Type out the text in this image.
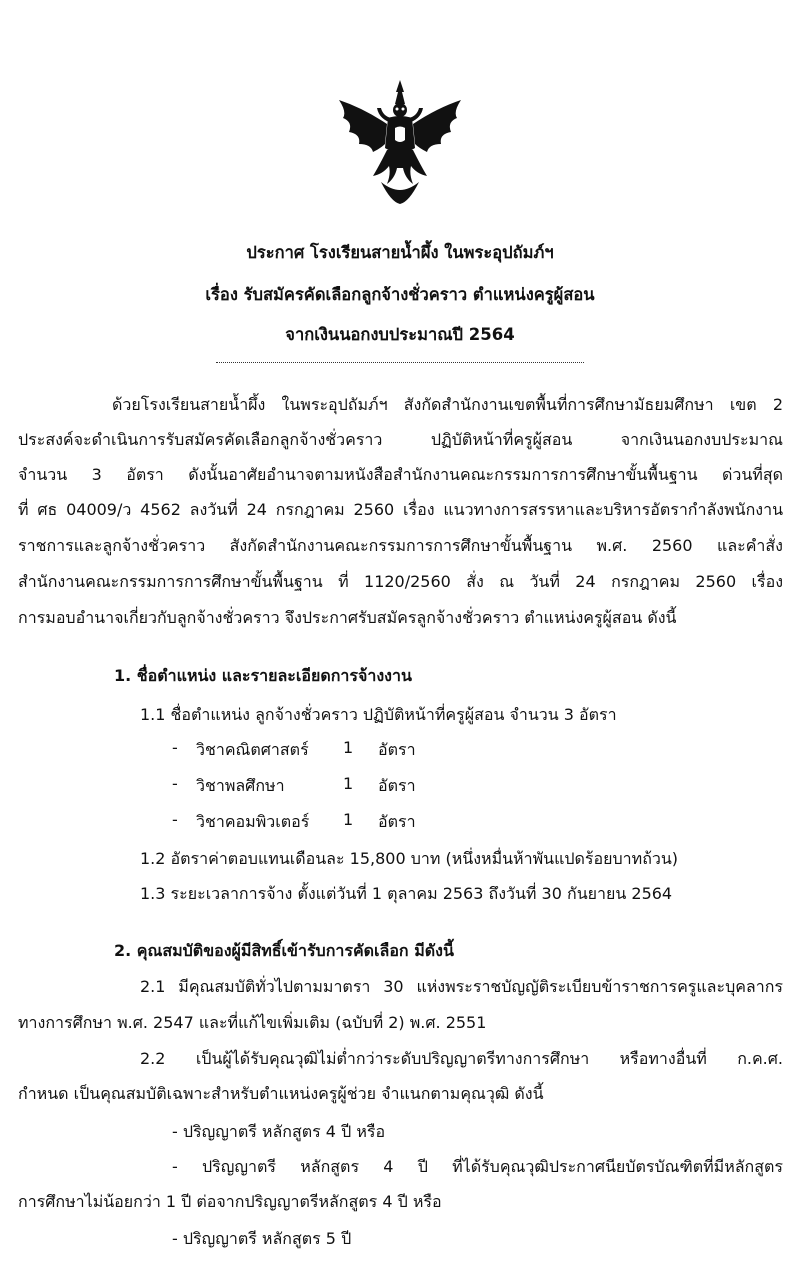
ประกาศ โรงเรียนสายน้ำผึ้ง ในพระอุปถัมภ์ฯ
เรื่อง รับสมัครคัดเลือกลูกจ้างชั่วคราว ตำแหน่งครูผู้สอน
จากเงินนอกงบประมาณปี 2564
ด้วยโรงเรียนสายน้ำผึ้ง ในพระอุปถัมภ์ฯ สังกัดสำนักงานเขตพื้นที่การศึกษามัธยมศึกษา เขต 2
ประสงค์จะดำเนินการรับสมัครคัดเลือกลูกจ้างชั่วคราว ปฏิบัติหน้าที่ครูผู้สอน จากเงินนอกงบประมาณ
จำนวน 3 อัตรา ดังนั้นอาศัยอำนาจตามหนังสือสำนักงานคณะกรรมการการศึกษาขั้นพื้นฐาน ด่วนที่สุด
ที่ ศธ 04009/ว 4562 ลงวันที่ 24 กรกฎาคม 2560 เรื่อง แนวทางการสรรหาและบริหารอัตรากำลังพนักงาน
ราชการและลูกจ้างชั่วคราว สังกัดสำนักงานคณะกรรมการการศึกษาขั้นพื้นฐาน พ.ศ. 2560 และคำสั่ง
สำนักงานคณะกรรมการการศึกษาขั้นพื้นฐาน ที่ 1120/2560 สั่ง ณ วันที่ 24 กรกฎาคม 2560 เรื่อง
การมอบอำนาจเกี่ยวกับลูกจ้างชั่วคราว จึงประกาศรับสมัครลูกจ้างชั่วคราว ตำแหน่งครูผู้สอน ดังนี้
1. ชื่อตำแหน่ง และรายละเอียดการจ้างงาน
1.1 ชื่อตำแหน่ง ลูกจ้างชั่วคราว ปฏิบัติหน้าที่ครูผู้สอน จำนวน 3 อัตรา
- วิชาคณิตศาสตร์ 1 อัตรา
- วิชาพลศึกษา	1 อัตรา
- วิชาคอมพิวเตอร์ 1 อัตรา
1.2 อัตราค่าตอบแทนเดือนละ 15,800 บาท (หนึ่งหมื่นห้าพันแปดร้อยบาทถ้วน)
1.3 ระยะเวลาการจ้าง ตั้งแต่วันที่ 1 ตุลาคม 2563 ถึงวันที่ 30 กันยายน 2564
2. คุณสมบัติของผู้มีสิทธิ์เข้ารับการคัดเลือก มีดังนี้
2.1 มีคุณสมบัติทั่วไปตามมาตรา 30 แห่งพระราชบัญญัติระเบียบข้าราชการครูและบุคลากร
ทางการศึกษา พ.ศ. 2547 และที่แก้ไขเพิ่มเติม (ฉบับที่ 2) พ.ศ. 2551
2.2 เป็นผู้ได้รับคุณวุฒิไม่ต่ำกว่าระดับปริญญาตรีทางการศึกษา หรือทางอื่นที่ ก.ค.ศ.
กำหนด เป็นคุณสมบัติเฉพาะสำหรับตำแหน่งครูผู้ช่วย จำแนกตามคุณวุฒิ ดังนี้
- ปริญญาตรี หลักสูตร 4 ปี หรือ
- ปริญญาตรี หลักสูตร 4 ปี ที่ได้รับคุณวุฒิประกาศนียบัตรบัณฑิตที่มีหลักสูตร
การศึกษาไม่น้อยกว่า 1 ปี ต่อจากปริญญาตรีหลักสูตร 4 ปี หรือ
- ปริญญาตรี หลักสูตร 5 ปี
